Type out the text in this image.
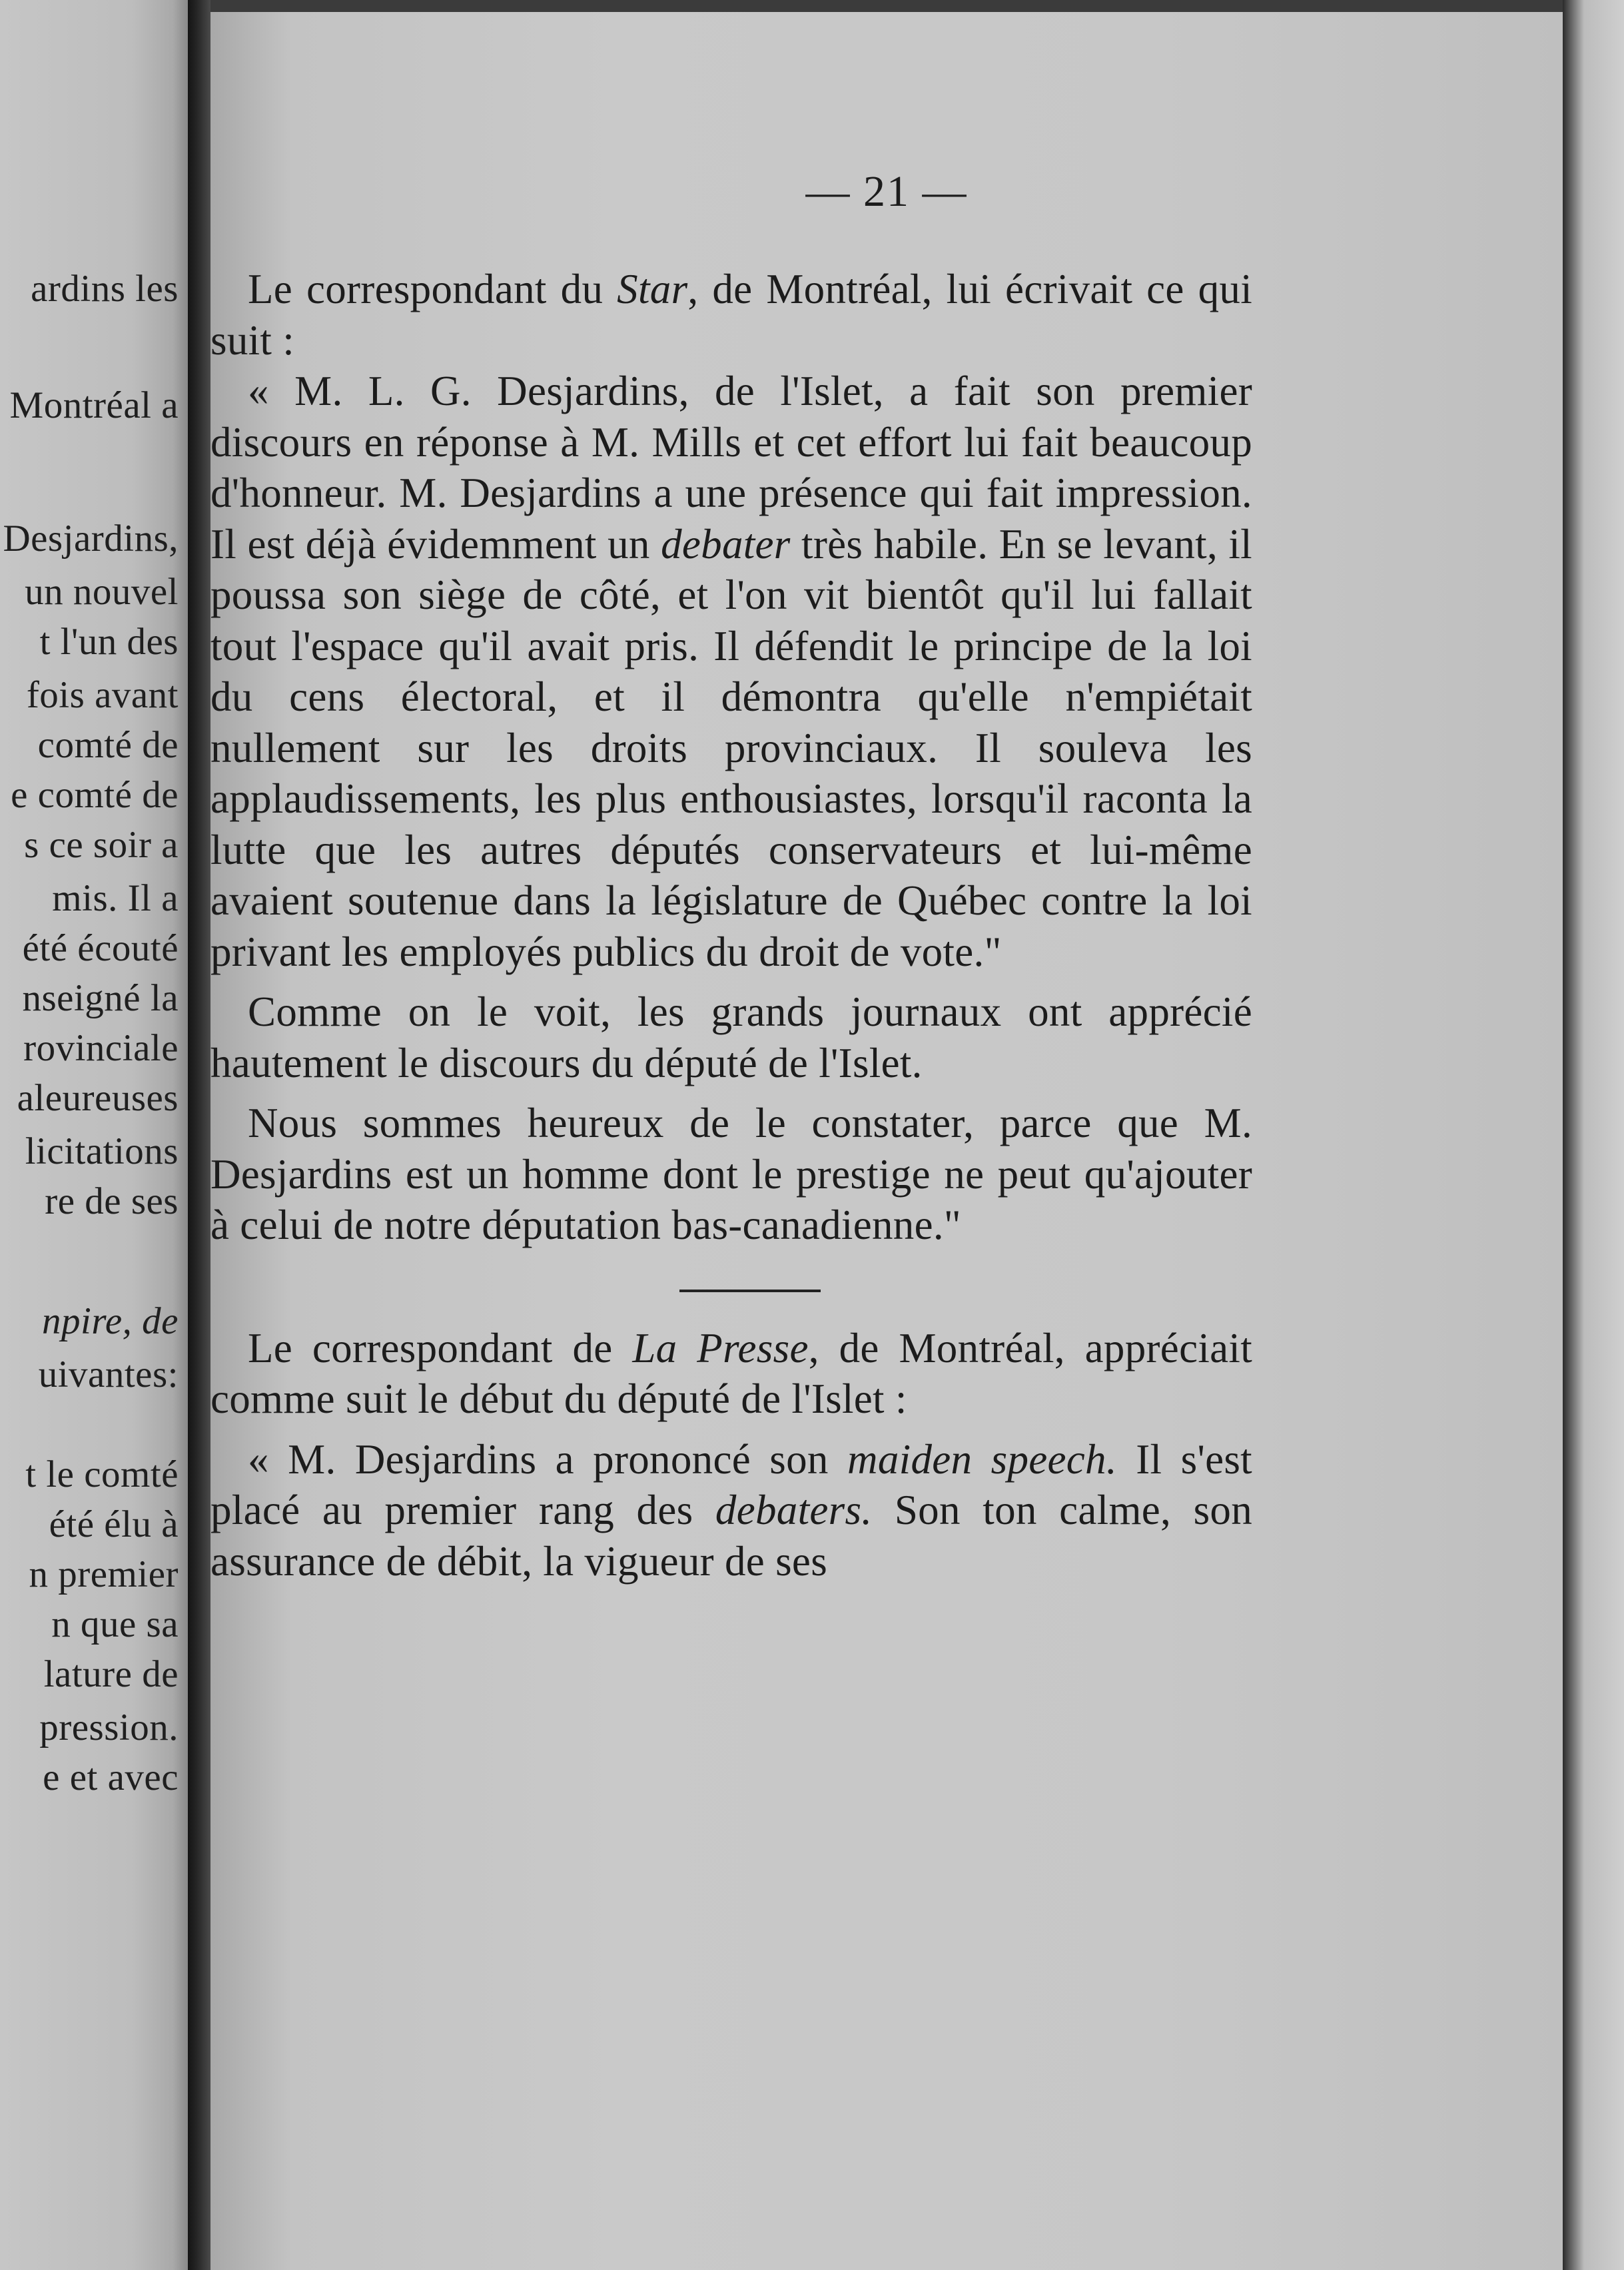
ardins les
Montréal a
Desjardins,
un nouvel
t l'un des
fois avant
comté de
e comté de
s ce soir a
mis. Il a
été écouté
nseigné la
rovinciale
aleureuses
licitations
re de ses
npire, de
uivantes:
t le comté
été élu à
n premier
n que sa
lature de
pression.
e et avec
— 21 —

Le correspondant du Star, de Montréal, lui écrivait ce qui suit :

« M. L. G. Desjardins, de l'Islet, a fait son premier discours en réponse à M. Mills et cet effort lui fait beaucoup d'honneur. M. Desjardins a une présence qui fait impression. Il est déjà évidemment un debater très habile. En se levant, il poussa son siège de côté, et l'on vit bientôt qu'il lui fallait tout l'espace qu'il avait pris. Il défendit le principe de la loi du cens électoral, et il démontra qu'elle n'empiétait nullement sur les droits provinciaux. Il souleva les applaudissements, les plus enthousiastes, lorsqu'il raconta la lutte que les autres députés conservateurs et lui-même avaient soutenue dans la législature de Québec contre la loi privant les employés publics du droit de vote."

Comme on le voit, les grands journaux ont apprécié hautement le discours du député de l'Islet.

Nous sommes heureux de le constater, parce que M. Desjardins est un homme dont le prestige ne peut qu'ajouter à celui de notre députation bas-canadienne."

Le correspondant de La Presse, de Montréal, appréciait comme suit le début du député de l'Islet :

« M. Desjardins a prononcé son maiden speech. Il s'est placé au premier rang des debaters. Son ton calme, son assurance de débit, la vigueur de ses
